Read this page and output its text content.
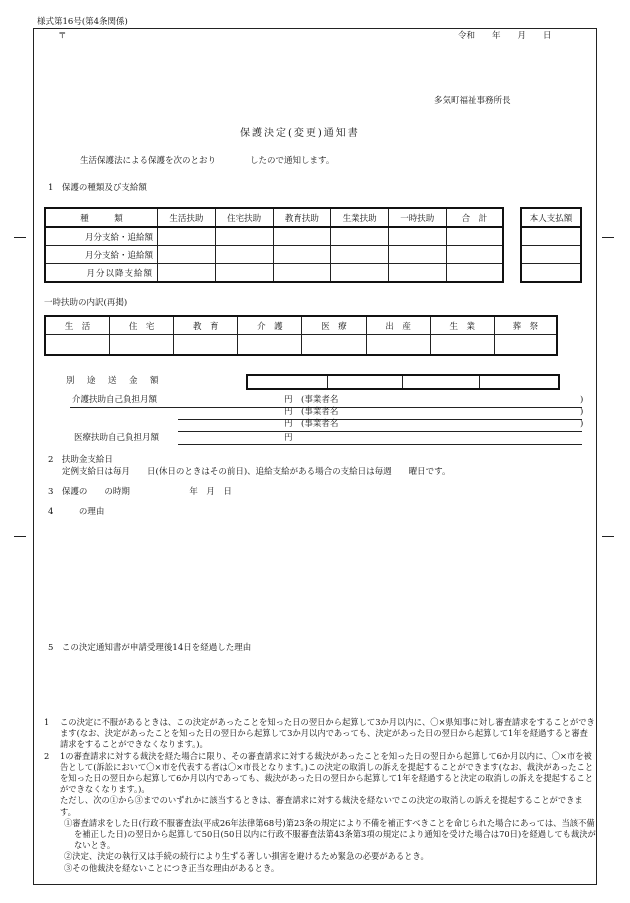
様式第16号(第4条関係)
〒	令和　　年　　月　　日
多気町福祉事務所長
保護決定(変更)通知書
生活保護法による保護を次のとおり　　　　したので通知します。
1　保護の種類及び支給額
種　　　類	生活扶助	住宅扶助	教育扶助	生業扶助	一時扶助	合　計
月分支給・追給額						
月分支給・追給額						
月分以降支給額						
本人支払額

一時扶助の内訳(再掲)
生　活	住　宅	教　育	介　護	医　療	出　産	生　業	葬　祭

別　途　送　金　額

介護扶助自己負担月額	円　(事業者名	)
円　(事業者名	)
円　(事業者名	)
医療扶助自己負担月額	円
2　扶助金支給日
定例支給日は毎月　　日(休日のときはその前日)、追給支給がある場合の支給日は毎週　　曜日です。
3　保護の　　の時期　　　　　　　年　月　日
4　　　の理由
5　この決定通知書が申請受理後14日を経過した理由
1	この決定に不服があるときは、この決定があったことを知った日の翌日から起算して3か月以内に、〇×県知事に対し審査請求をすることができます(なお、決定があったことを知った日の翌日から起算して3か月以内であっても、決定があった日の翌日から起算して1年を経過すると審査請求をすることができなくなります。)。
2	1の審査請求に対する裁決を経た場合に限り、その審査請求に対する裁決があったことを知った日の翌日から起算して6か月以内に、〇×市を被告として(訴訟において〇×市を代表する者は〇×市長となります。)この決定の取消しの訴えを提起することができます(なお、裁決があったことを知った日の翌日から起算して6か月以内であっても、裁決があった日の翌日から起算して1年を経過すると決定の取消しの訴えを提起することができなくなります。)。
ただし、次の①から③までのいずれかに該当するときは、審査請求に対する裁決を経ないでこの決定の取消しの訴えを提起することができます。
①審査請求をした日(行政不服審査法(平成26年法律第68号)第23条の規定により不備を補正すべきことを命じられた場合にあっては、当該不備を補正した日)の翌日から起算して50日(50日以内に行政不服審査法第43条第3項の規定により通知を受けた場合は70日)を経過しても裁決がないとき。
②決定、決定の執行又は手続の続行により生ずる著しい損害を避けるため緊急の必要があるとき。
③その他裁決を経ないことにつき正当な理由があるとき。
